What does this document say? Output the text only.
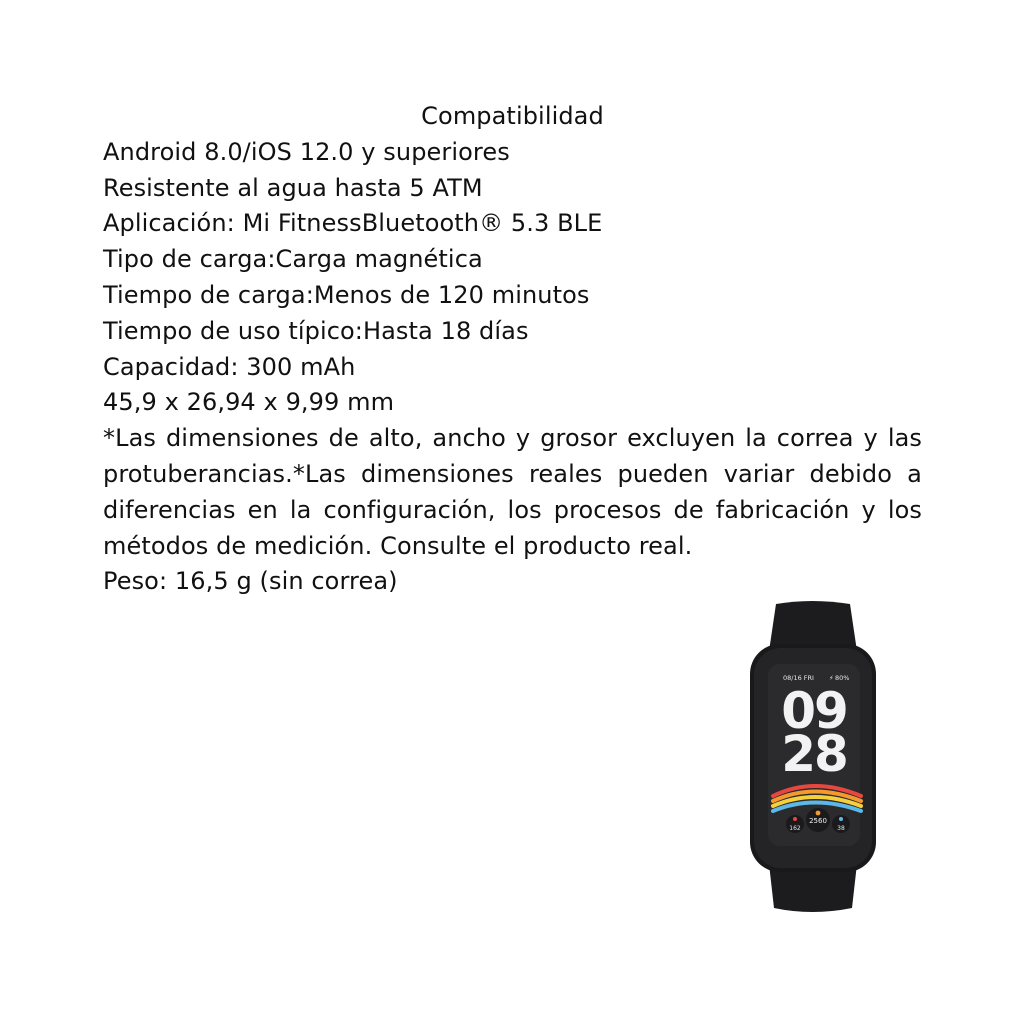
Compatibilidad

Android 8.0/iOS 12.0 y superiores

Resistente al agua hasta 5 ATM

Aplicación: Mi FitnessBluetooth® 5.3 BLE

Tipo de carga:Carga magnética

Tiempo de carga:Menos de 120 minutos

Tiempo de uso típico:Hasta 18 días

Capacidad: 300 mAh

45,9 x 26,94 x 9,99 mm

*Las dimensiones de alto, ancho y grosor excluyen la correa y las protuberancias.*Las dimensiones reales pueden variar debido a diferencias en la configuración, los procesos de fabricación y los métodos de medición. Consulte el producto real.

Peso: 16,5 g (sin correa)

08/16 FRI ⚡ 80%
09
28
162
2560
38
